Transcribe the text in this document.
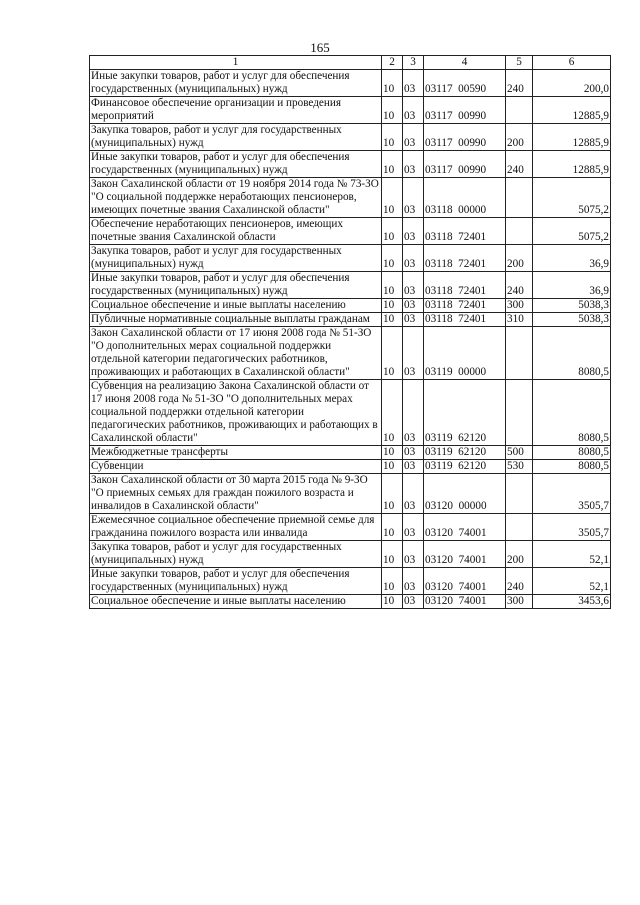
165
1	2	3	4	5	6
Иные закупки товаров, работ и услуг для обеспечения государственных (муниципальных) нужд	10	03	03117  00590	240	200,0
Финансовое обеспечение организации и проведения мероприятий	10	03	03117  00990		12885,9
Закупка товаров, работ и услуг для государственных (муниципальных) нужд	10	03	03117  00990	200	12885,9
Иные закупки товаров, работ и услуг для обеспечения государственных (муниципальных) нужд	10	03	03117  00990	240	12885,9
Закон Сахалинской области от 19 ноября 2014 года № 73-ЗО "О социальной поддержке неработающих пенсионеров, имеющих почетные звания Сахалинской области"	10	03	03118  00000		5075,2
Обеспечение неработающих пенсионеров, имеющих почетные звания Сахалинской области	10	03	03118  72401		5075,2
Закупка товаров, работ и услуг для государственных (муниципальных) нужд	10	03	03118  72401	200	36,9
Иные закупки товаров, работ и услуг для обеспечения государственных (муниципальных) нужд	10	03	03118  72401	240	36,9
Социальное обеспечение и иные выплаты населению	10	03	03118  72401	300	5038,3
Публичные нормативные социальные выплаты гражданам	10	03	03118  72401	310	5038,3
Закон Сахалинской области от 17 июня 2008 года № 51-ЗО "О дополнительных мерах социальной поддержки отдельной категории педагогических работников, проживающих и работающих в Сахалинской области"	10	03	03119  00000		8080,5
Субвенция на реализацию Закона Сахалинской области от 17 июня 2008 года № 51-ЗО "О дополнительных мерах социальной поддержки отдельной категории педагогических работников, проживающих и работающих в Сахалинской области"	10	03	03119  62120		8080,5
Межбюджетные трансферты	10	03	03119  62120	500	8080,5
Субвенции	10	03	03119  62120	530	8080,5
Закон Сахалинской области от 30 марта 2015 года № 9-ЗО "О приемных семьях для граждан пожилого возраста и инвалидов в Сахалинской области"	10	03	03120  00000		3505,7
Ежемесячное социальное обеспечение приемной семье для гражданина пожилого возраста или инвалида	10	03	03120  74001		3505,7
Закупка товаров, работ и услуг для государственных (муниципальных) нужд	10	03	03120  74001	200	52,1
Иные закупки товаров, работ и услуг для обеспечения государственных (муниципальных) нужд	10	03	03120  74001	240	52,1
Социальное обеспечение и иные выплаты населению	10	03	03120  74001	300	3453,6
